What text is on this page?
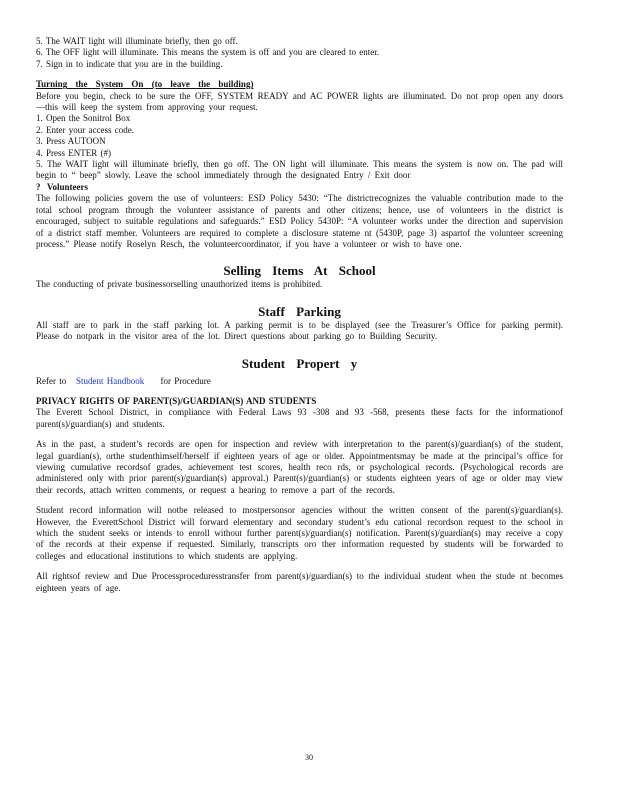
5. The WAIT light will illuminate briefly, then go off.
6. The OFF light will illuminate. This means the system is off and you are cleared to enter.
7. Sign in to indicate that you are in the building.
Turning the System On (to leave the building)

Before you begin, check to be sure the OFF, SYSTEM READY and AC POWER lights are illuminated. Do not prop open any doors —this will keep the system from approving your request.

1. Open the Sonitrol Box
2. Enter your access code.
3. Press AUTOON
4. Press ENTER (#)

5. The WAIT light will illuminate briefly, then go off. The ON light will illuminate. This means the system is now on. The pad will begin to “ beep” slowly. Leave the school immediately through the designated Entry / Exit door

? Volunteers

The following policies govern the use of volunteers: ESD Policy 5430: “The districtrecognizes the valuable contribution made to the total school program through the volunteer assistance of parents and other citizens; hence, use of volunteers in the district is encouraged, subject to suitable regulations and safeguards.” ESD Policy 5430P: “A volunteer works under the direction and supervision of a district staff member. Volunteers are required to complete a disclosure stateme nt (5430P, page 3) aspartof the volunteer screening process.” Please notify Roselyn Resch, the volunteercoordinator, if you have a volunteer or wish to have one.

Selling Items At School

The conducting of private businessorselling unauthorized items is prohibited.

Staff Parking

All staff are to park in the staff parking lot. A parking permit is to be displayed (see the Treasurer’s Office for parking permit). Please do notpark in the visitor area of the lot. Direct questions about parking go to Building Security.

Student Propert y

Refer to Student Handbook for Procedure
PRIVACY RIGHTS OF PARENT(S)/GUARDIAN(S) AND STUDENTS

The Everett School District, in compliance with Federal Laws 93 -308 and 93 -568, presents these facts for the informationof parent(s)/guardian(s) and students.

As in the past, a student’s records are open for inspection and review with interpretation to the parent(s)/guardian(s) of the student, legal guardian(s), orthe studenthimself/herself if eighteen years of age or older. Appointmentsmay be made at the principal’s office for viewing cumulative recordsof grades, achievement test scores, health reco rds, or psychological records. (Psychological records are administered only with prior parent(s)/guardian(s) approval.) Parent(s)/guardian(s) or students eighteen years of age or older may view their records, attach written comments, or request a hearing to remove a part of the records.

Student record information will notbe released to mostpersonsor agencies without the written consent of the parent(s)/guardian(s). However, the EverettSchool District will forward elementary and secondary student’s edu cational recordson request to the school in which the student seeks or intends to enroll without further parent(s)/guardian(s) notification. Parent(s)/guardian(s) may receive a copy of the records at their expense if requested. Similarly, transcripts oro ther information requested by students will be forwarded to colleges and educational institutions to which students are applying.

All rightsof review and Due Processproceduresstransfer from parent(s)/guardian(s) to the individual student when the stude nt becomes eighteen years of age.

30
